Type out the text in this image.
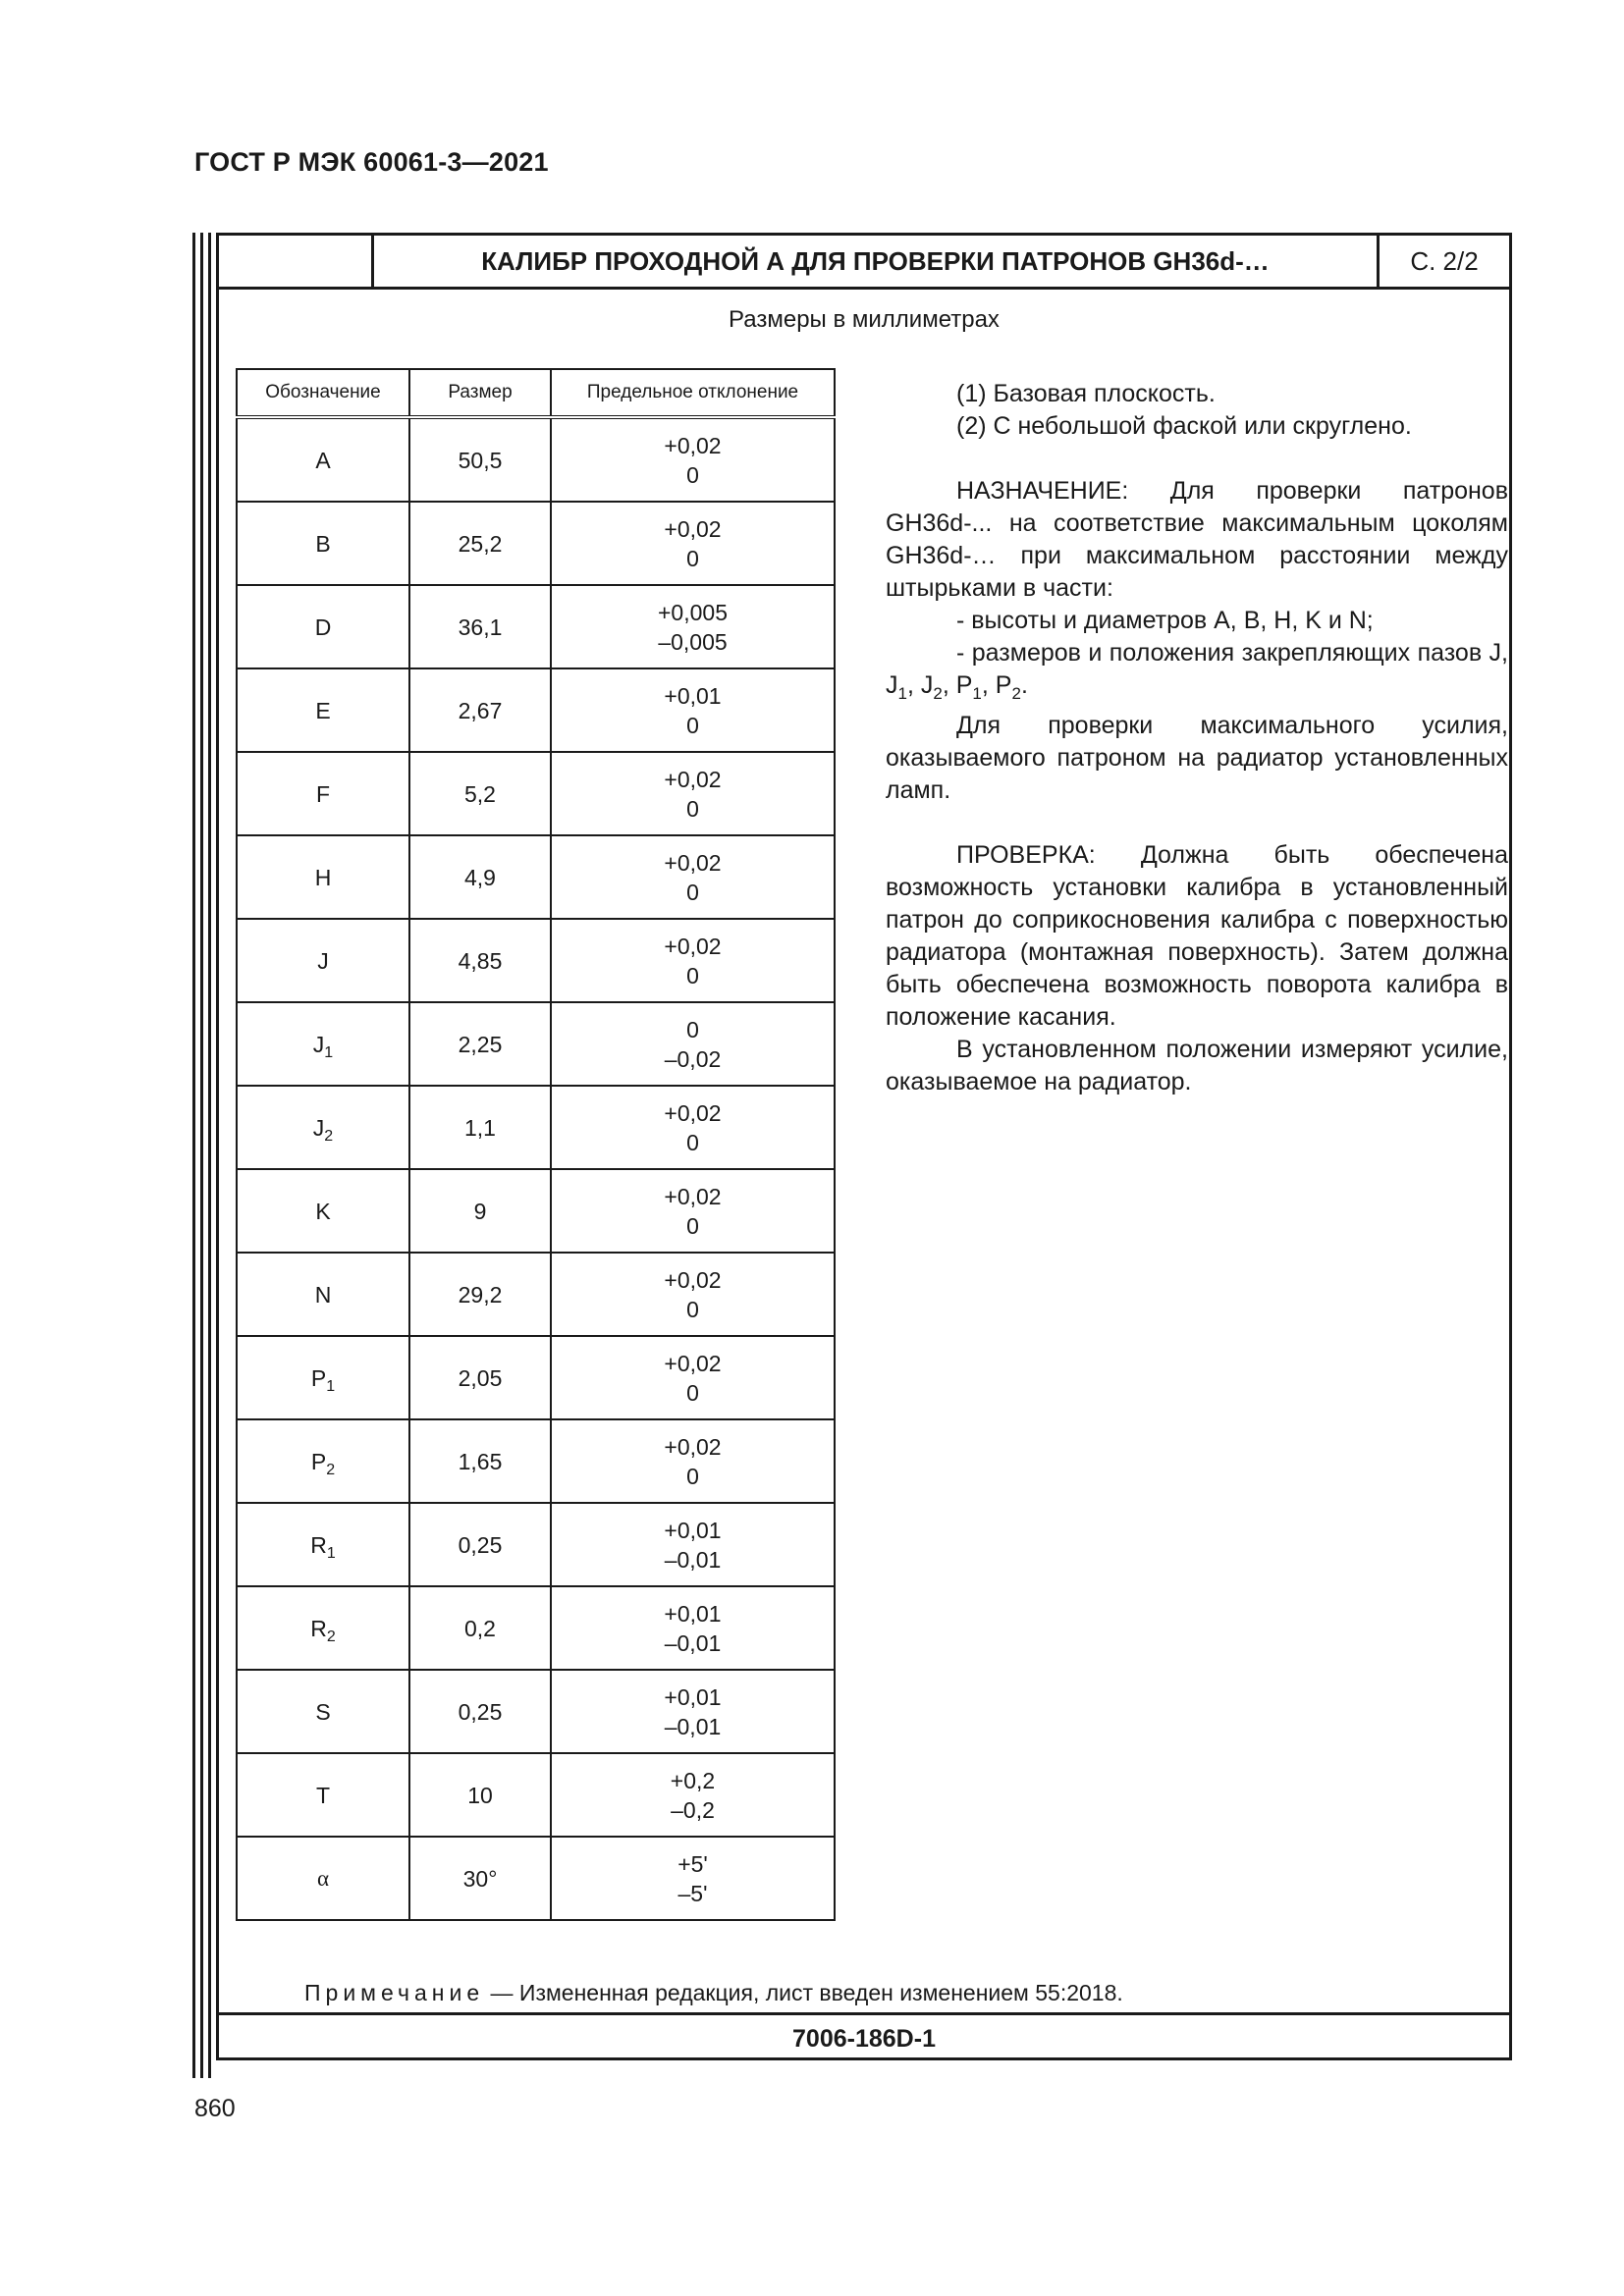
ГОСТ Р МЭК 60061-3—2021
КАЛИБР ПРОХОДНОЙ А ДЛЯ ПРОВЕРКИ ПАТРОНОВ GH36d-…	С. 2/2
Размеры в миллиметрах
Обозначение	Размер	Предельное отклонение
A	50,5	+0,02
0

B	25,2	+0,02
0

D	36,1	+0,005
–0,005

E	2,67	+0,01
0

F	5,2	+0,02
0

H	4,9	+0,02
0

J	4,85	+0,02
0

$J_1$	2,25	0
–0,02

$J_2$	1,1	+0,02
0

K	9	+0,02
0

N	29,2	+0,02
0

$P_1$	2,05	+0,02
0

$P_2$	1,65	+0,02
0

$R_1$	0,25	+0,01
–0,01

$R_2$	0,2	+0,01
–0,01

S	0,25	+0,01
–0,01

T	10	+0,2
–0,2

α	30°	+5'
–5'

(1) Базовая плоскость.

(2) С небольшой фаской или скруглено.

НАЗНАЧЕНИЕ: Для проверки патронов GH36d-... на соответствие максимальным цоколям GH36d-… при максимальном расстоянии между штырьками в части:

- высоты и диаметров A, B, H, K и N;

- размеров и положения закрепляющих пазов J, $J_1$, $J_2$, $P_1$, $P_2$.

Для проверки максимального усилия, оказываемого патроном на радиатор установленных ламп.

ПРОВЕРКА: Должна быть обеспечена возможность установки калибра в установленный патрон до соприкосновения калибра с поверхностью радиатора (монтажная поверхность). Затем должна быть обеспечена возможность поворота калибра в положение касания.

В установленном положении измеряют усилие, оказываемое на радиатор.

Примечание — Измененная редакция, лист введен изменением 55:2018.
7006-186D-1
860
